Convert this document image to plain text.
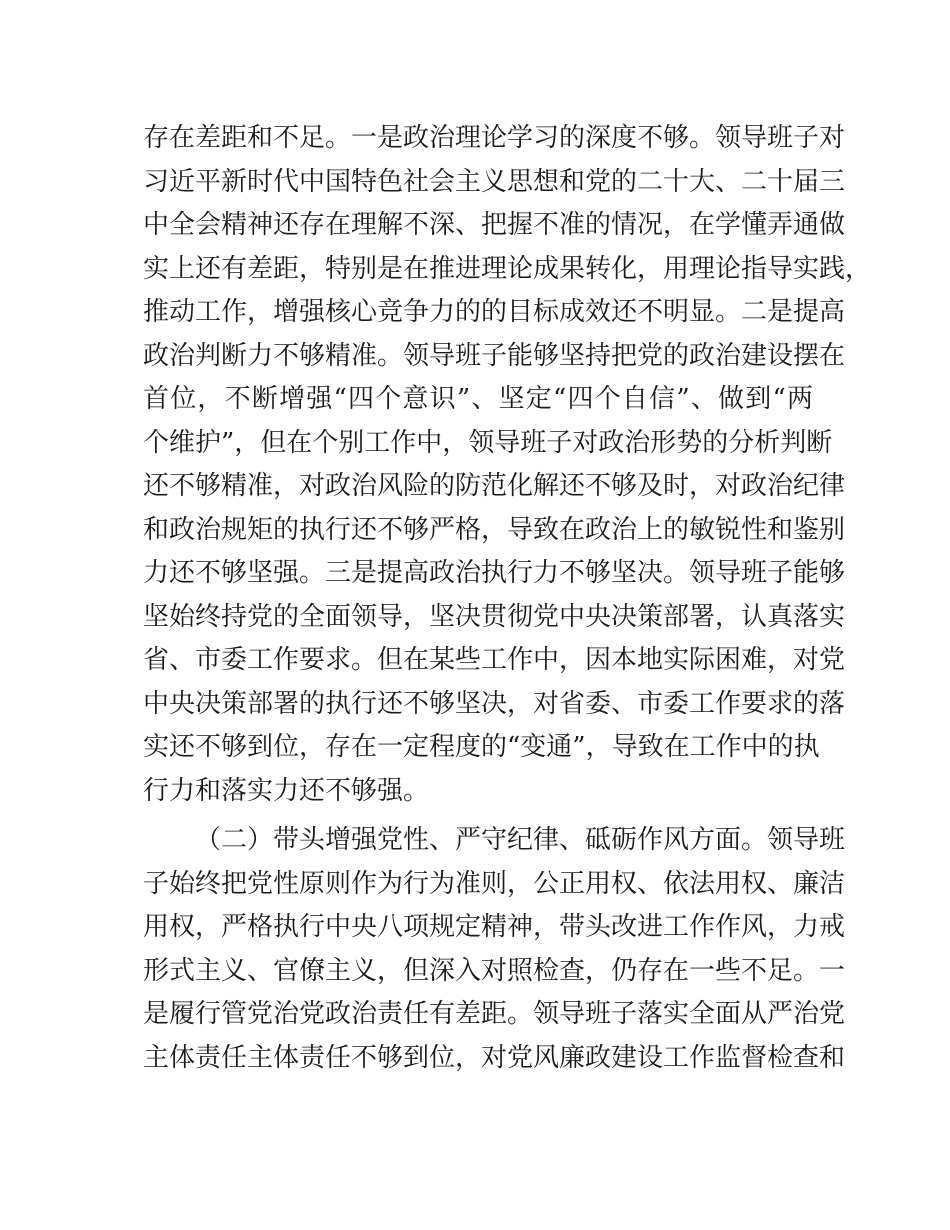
存在差距和不足。一是政治理论学习的深度不够。领导班子对
习近平新时代中国特色社会主义思想和党的二十大、二十届三
中全会精神还存在理解不深、把握不准的情况，在学懂弄通做
实上还有差距，特别是在推进理论成果转化，用理论指导实践，
推动工作，增强核心竞争力的的目标成效还不明显。二是提高
政治判断力不够精准。领导班子能够坚持把党的政治建设摆在
首位，不断增强“四个意识”、坚定“四个自信”、做到“两
个维护”，但在个别工作中，领导班子对政治形势的分析判断
还不够精准，对政治风险的防范化解还不够及时，对政治纪律
和政治规矩的执行还不够严格，导致在政治上的敏锐性和鉴别
力还不够坚强。三是提高政治执行力不够坚决。领导班子能够
坚始终持党的全面领导，坚决贯彻党中央决策部署，认真落实
省、市委工作要求。但在某些工作中，因本地实际困难，对党
中央决策部署的执行还不够坚决，对省委、市委工作要求的落
实还不够到位，存在一定程度的“变通”，导致在工作中的执
行力和落实力还不够强。
（二）带头增强党性、严守纪律、砥砺作风方面。领导班
子始终把党性原则作为行为准则，公正用权、依法用权、廉洁
用权，严格执行中央八项规定精神，带头改进工作作风，力戒
形式主义、官僚主义，但深入对照检查，仍存在一些不足。一
是履行管党治党政治责任有差距。领导班子落实全面从严治党
主体责任主体责任不够到位，对党风廉政建设工作监督检查和
